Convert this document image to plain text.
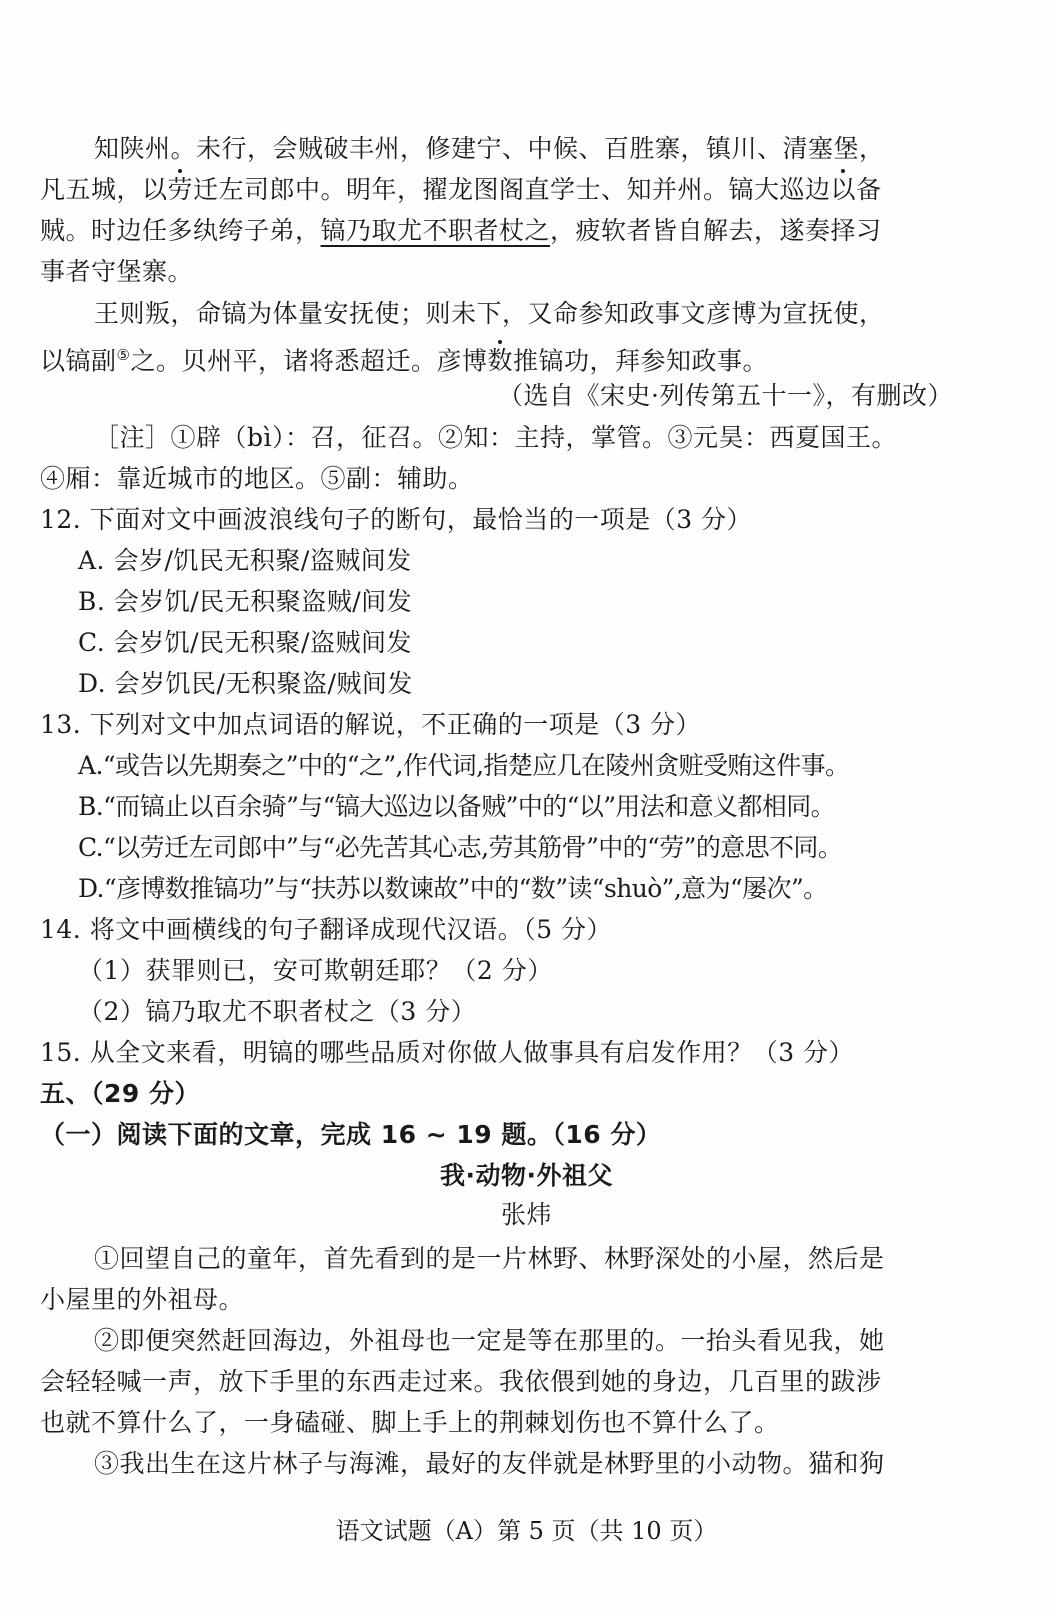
知陕州。未行，会贼破丰州，修建宁、中候、百胜寨，镇川、清塞堡，
凡五城，以劳迁左司郎中。明年，擢龙图阁直学士、知并州。镐大巡边以备
贼。时边任多纨绔子弟，镐乃取尤不职者杖之，疲软者皆自解去，遂奏择习
事者守堡寨。
王则叛，命镐为体量安抚使；则未下，又命参知政事文彦博为宣抚使，
以镐副⑤之。贝州平，诸将悉超迁。彦博数推镐功，拜参知政事。
（选自《宋史·列传第五十一》，有删改）
［注］①辟（bì）：召，征召。②知：主持，掌管。③元昊：西夏国王。
④厢：靠近城市的地区。⑤副：辅助。
12. 下面对文中画波浪线句子的断句，最恰当的一项是（3 分）
A. 会岁/饥民无积聚/盗贼间发
B. 会岁饥/民无积聚盗贼/间发
C. 会岁饥/民无积聚/盗贼间发
D. 会岁饥民/无积聚盗/贼间发
13. 下列对文中加点词语的解说，不正确的一项是（3 分）
A.“或告以先期奏之”中的“之”,作代词,指楚应几在陵州贪赃受贿这件事。
B.“而镐止以百余骑”与“镐大巡边以备贼”中的“以”用法和意义都相同。
C.“以劳迁左司郎中”与“必先苦其心志,劳其筋骨”中的“劳”的意思不同。
D.“彦博数推镐功”与“扶苏以数谏故”中的“数”读“shuò”,意为“屡次”。
14. 将文中画横线的句子翻译成现代汉语。（5 分）
（1）获罪则已，安可欺朝廷耶？（2 分）
（2）镐乃取尤不职者杖之（3 分）
15. 从全文来看，明镐的哪些品质对你做人做事具有启发作用？（3 分）
五、（29 分）
（一）阅读下面的文章，完成 16 ~ 19 题。（16 分）
我·动物·外祖父
张炜
①回望自己的童年，首先看到的是一片林野、林野深处的小屋，然后是
小屋里的外祖母。
②即便突然赶回海边，外祖母也一定是等在那里的。一抬头看见我，她
会轻轻喊一声，放下手里的东西走过来。我依偎到她的身边，几百里的跋涉
也就不算什么了，一身磕碰、脚上手上的荆棘划伤也不算什么了。
③我出生在这片林子与海滩，最好的友伴就是林野里的小动物。猫和狗
语文试题（A）第 5 页（共 10 页）
